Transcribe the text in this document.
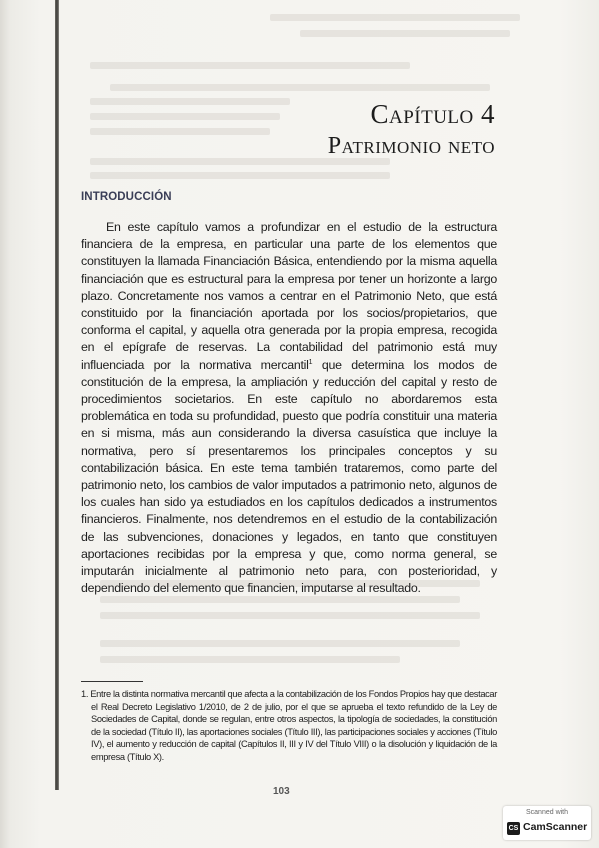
Capítulo 4
Patrimonio neto
INTRODUCCIÓN
En este capítulo vamos a profundizar en el estudio de la estructura financiera de la empresa, en particular una parte de los elementos que constituyen la llamada Financiación Básica, entendiendo por la misma aquella financiación que es estructural para la empresa por tener un horizonte a largo plazo. Concretamente nos vamos a centrar en el Patrimonio Neto, que está constituido por la financiación aportada por los socios/propietarios, que conforma el capital, y aquella otra generada por la propia empresa, recogida en el epígrafe de reservas. La contabilidad del patrimonio está muy influenciada por la normativa mercantil$^1$ que determina los modos de constitución de la empresa, la ampliación y reducción del capital y resto de procedimientos societarios. En este capítulo no abordaremos esta problemática en toda su profundidad, puesto que podría constituir una materia en si misma, más aun considerando la diversa casuística que incluye la normativa, pero sí presentaremos los principales conceptos y su contabilización básica. En este tema también trataremos, como parte del patrimonio neto, los cambios de valor imputados a patrimonio neto, algunos de los cuales han sido ya estudiados en los capítulos dedicados a instrumentos financieros. Finalmente, nos detendremos en el estudio de la contabilización de las subvenciones, donaciones y legados, en tanto que constituyen aportaciones recibidas por la empresa y que, como norma general, se imputarán inicialmente al patrimonio neto para, con posterioridad, y dependiendo del elemento que financien, imputarse al resultado.
1. Entre la distinta normativa mercantil que afecta a la contabilización de los Fondos Propios hay que destacar el Real Decreto Legislativo 1/2010, de 2 de julio, por el que se aprueba el texto refundido de la Ley de Sociedades de Capital, donde se regulan, entre otros aspectos, la tipología de sociedades, la constitución de la sociedad (Título II), las aportaciones sociales (Título III), las participaciones sociales y acciones (Título IV), el aumento y reducción de capital (Capítulos II, III y IV del Título VIII) o la disolución y liquidación de la empresa (Título X).
103
Scanned with
CS CamScanner
